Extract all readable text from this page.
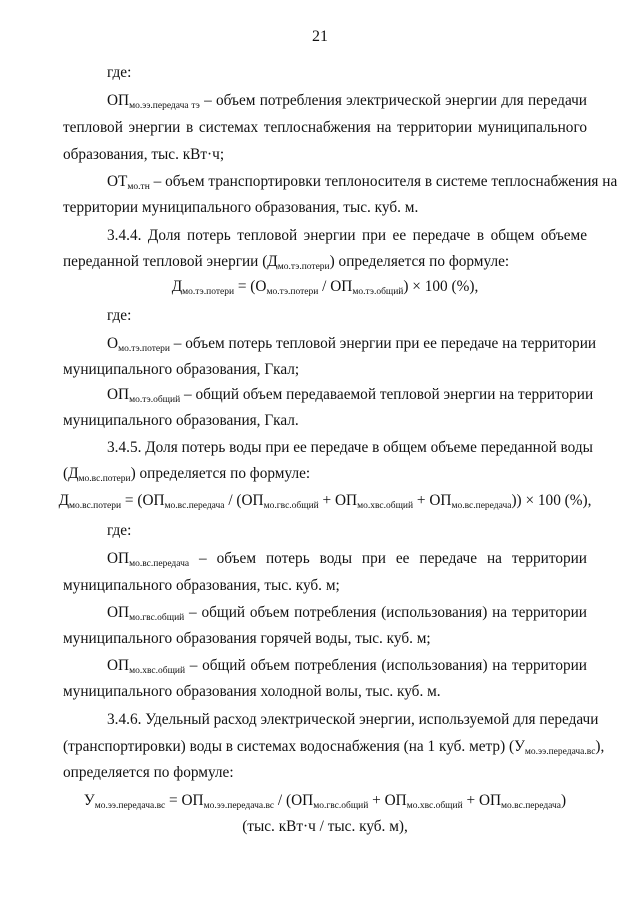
21
где:
ОПмо.ээ.передача тэ – объем потребления электрической энергии для передачи
тепловой энергии в системах теплоснабжения на территории муниципального
образования, тыс. кВт·ч;
ОТмо.тн – объем транспортировки теплоносителя в системе теплоснабжения на
территории муниципального образования, тыс. куб. м.
3.4.4. Доля потерь тепловой энергии при ее передаче в общем объеме
переданной тепловой энергии (Дмо.тэ.потери) определяется по формуле:
Дмо.тэ.потери = (Омо.тэ.потери / ОПмо.тэ.общий) × 100 (%),
где:
Омо.тэ.потери – объем потерь тепловой энергии при ее передаче на территории
муниципального образования, Гкал;
ОПмо.тэ.общий – общий объем передаваемой тепловой энергии на территории
муниципального образования, Гкал.
3.4.5. Доля потерь воды при ее передаче в общем объеме переданной воды
(Дмо.вс.потери) определяется по формуле:
Дмо.вс.потери = (ОПмо.вс.передача / (ОПмо.гвс.общий + ОПмо.хвс.общий + ОПмо.вс.передача)) × 100 (%),
где:
ОПмо.вс.передача – объем потерь воды при ее передаче на территории
муниципального образования, тыс. куб. м;
ОПмо.гвс.общий – общий объем потребления (использования) на территории
муниципального образования горячей воды, тыс. куб. м;
ОПмо.хвс.общий – общий объем потребления (использования) на территории
муниципального образования холодной волы, тыс. куб. м.
3.4.6. Удельный расход электрической энергии, используемой для передачи
(транспортировки) воды в системах водоснабжения (на 1 куб. метр) (Умо.ээ.передача.вс),
определяется по формуле:
Умо.ээ.передача.вс = ОПмо.ээ.передача.вс / (ОПмо.гвс.общий + ОПмо.хвс.общий + ОПмо.вс.передача)
(тыс. кВт·ч / тыс. куб. м),
